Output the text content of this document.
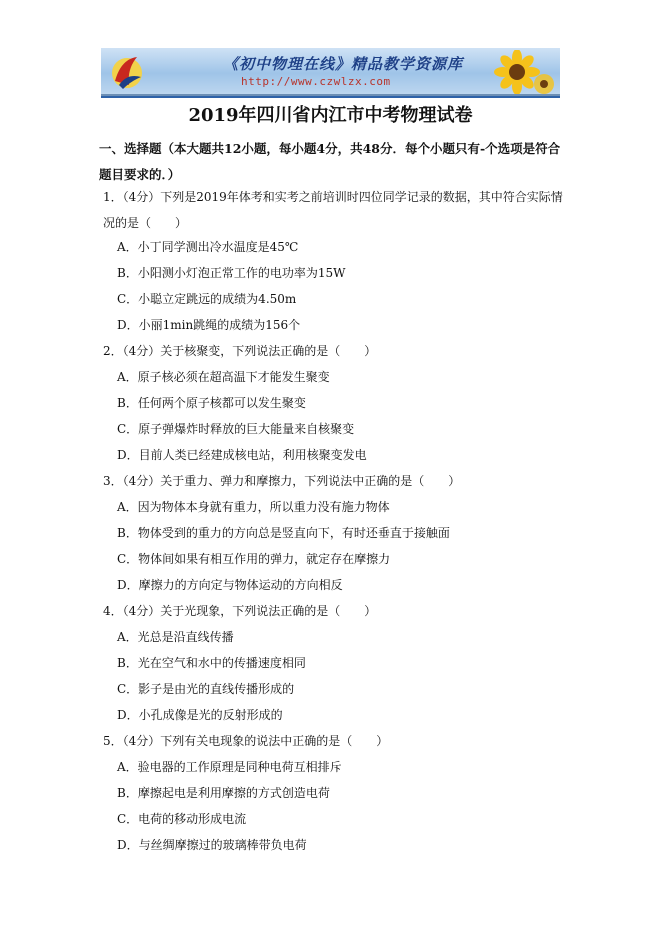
《初中物理在线》精品教学资源库
http://www.czwlzx.com
2019年四川省内江市中考物理试卷

一、选择题（本大题共12小题，每小题4分，共48分．每个小题只有-个选项是符合题目要求的．）

1．（4分）下列是2019年体考和实考之前培训时四位同学记录的数据，其中符合实际情况的是（　　）

A．小丁同学测出冷水温度是45℃

B．小阳测小灯泡正常工作的电功率为15W

C．小聪立定跳远的成绩为4.50m

D．小丽1min跳绳的成绩为156个

2．（4分）关于核聚变，下列说法正确的是（　　）

A．原子核必须在超高温下才能发生聚变

B．任何两个原子核都可以发生聚变

C．原子弹爆炸时释放的巨大能量来自核聚变

D．目前人类已经建成核电站，利用核聚变发电

3．（4分）关于重力、弹力和摩擦力，下列说法中正确的是（　　）

A．因为物体本身就有重力，所以重力没有施力物体

B．物体受到的重力的方向总是竖直向下，有时还垂直于接触面

C．物体间如果有相互作用的弹力，就定存在摩擦力

D．摩擦力的方向定与物体运动的方向相反

4．（4分）关于光现象，下列说法正确的是（　　）

A．光总是沿直线传播

B．光在空气和水中的传播速度相同

C．影子是由光的直线传播形成的

D．小孔成像是光的反射形成的

5．（4分）下列有关电现象的说法中正确的是（　　）

A．验电器的工作原理是同种电荷互相排斥

B．摩擦起电是利用摩擦的方式创造电荷

C．电荷的移动形成电流

D．与丝绸摩擦过的玻璃棒带负电荷
